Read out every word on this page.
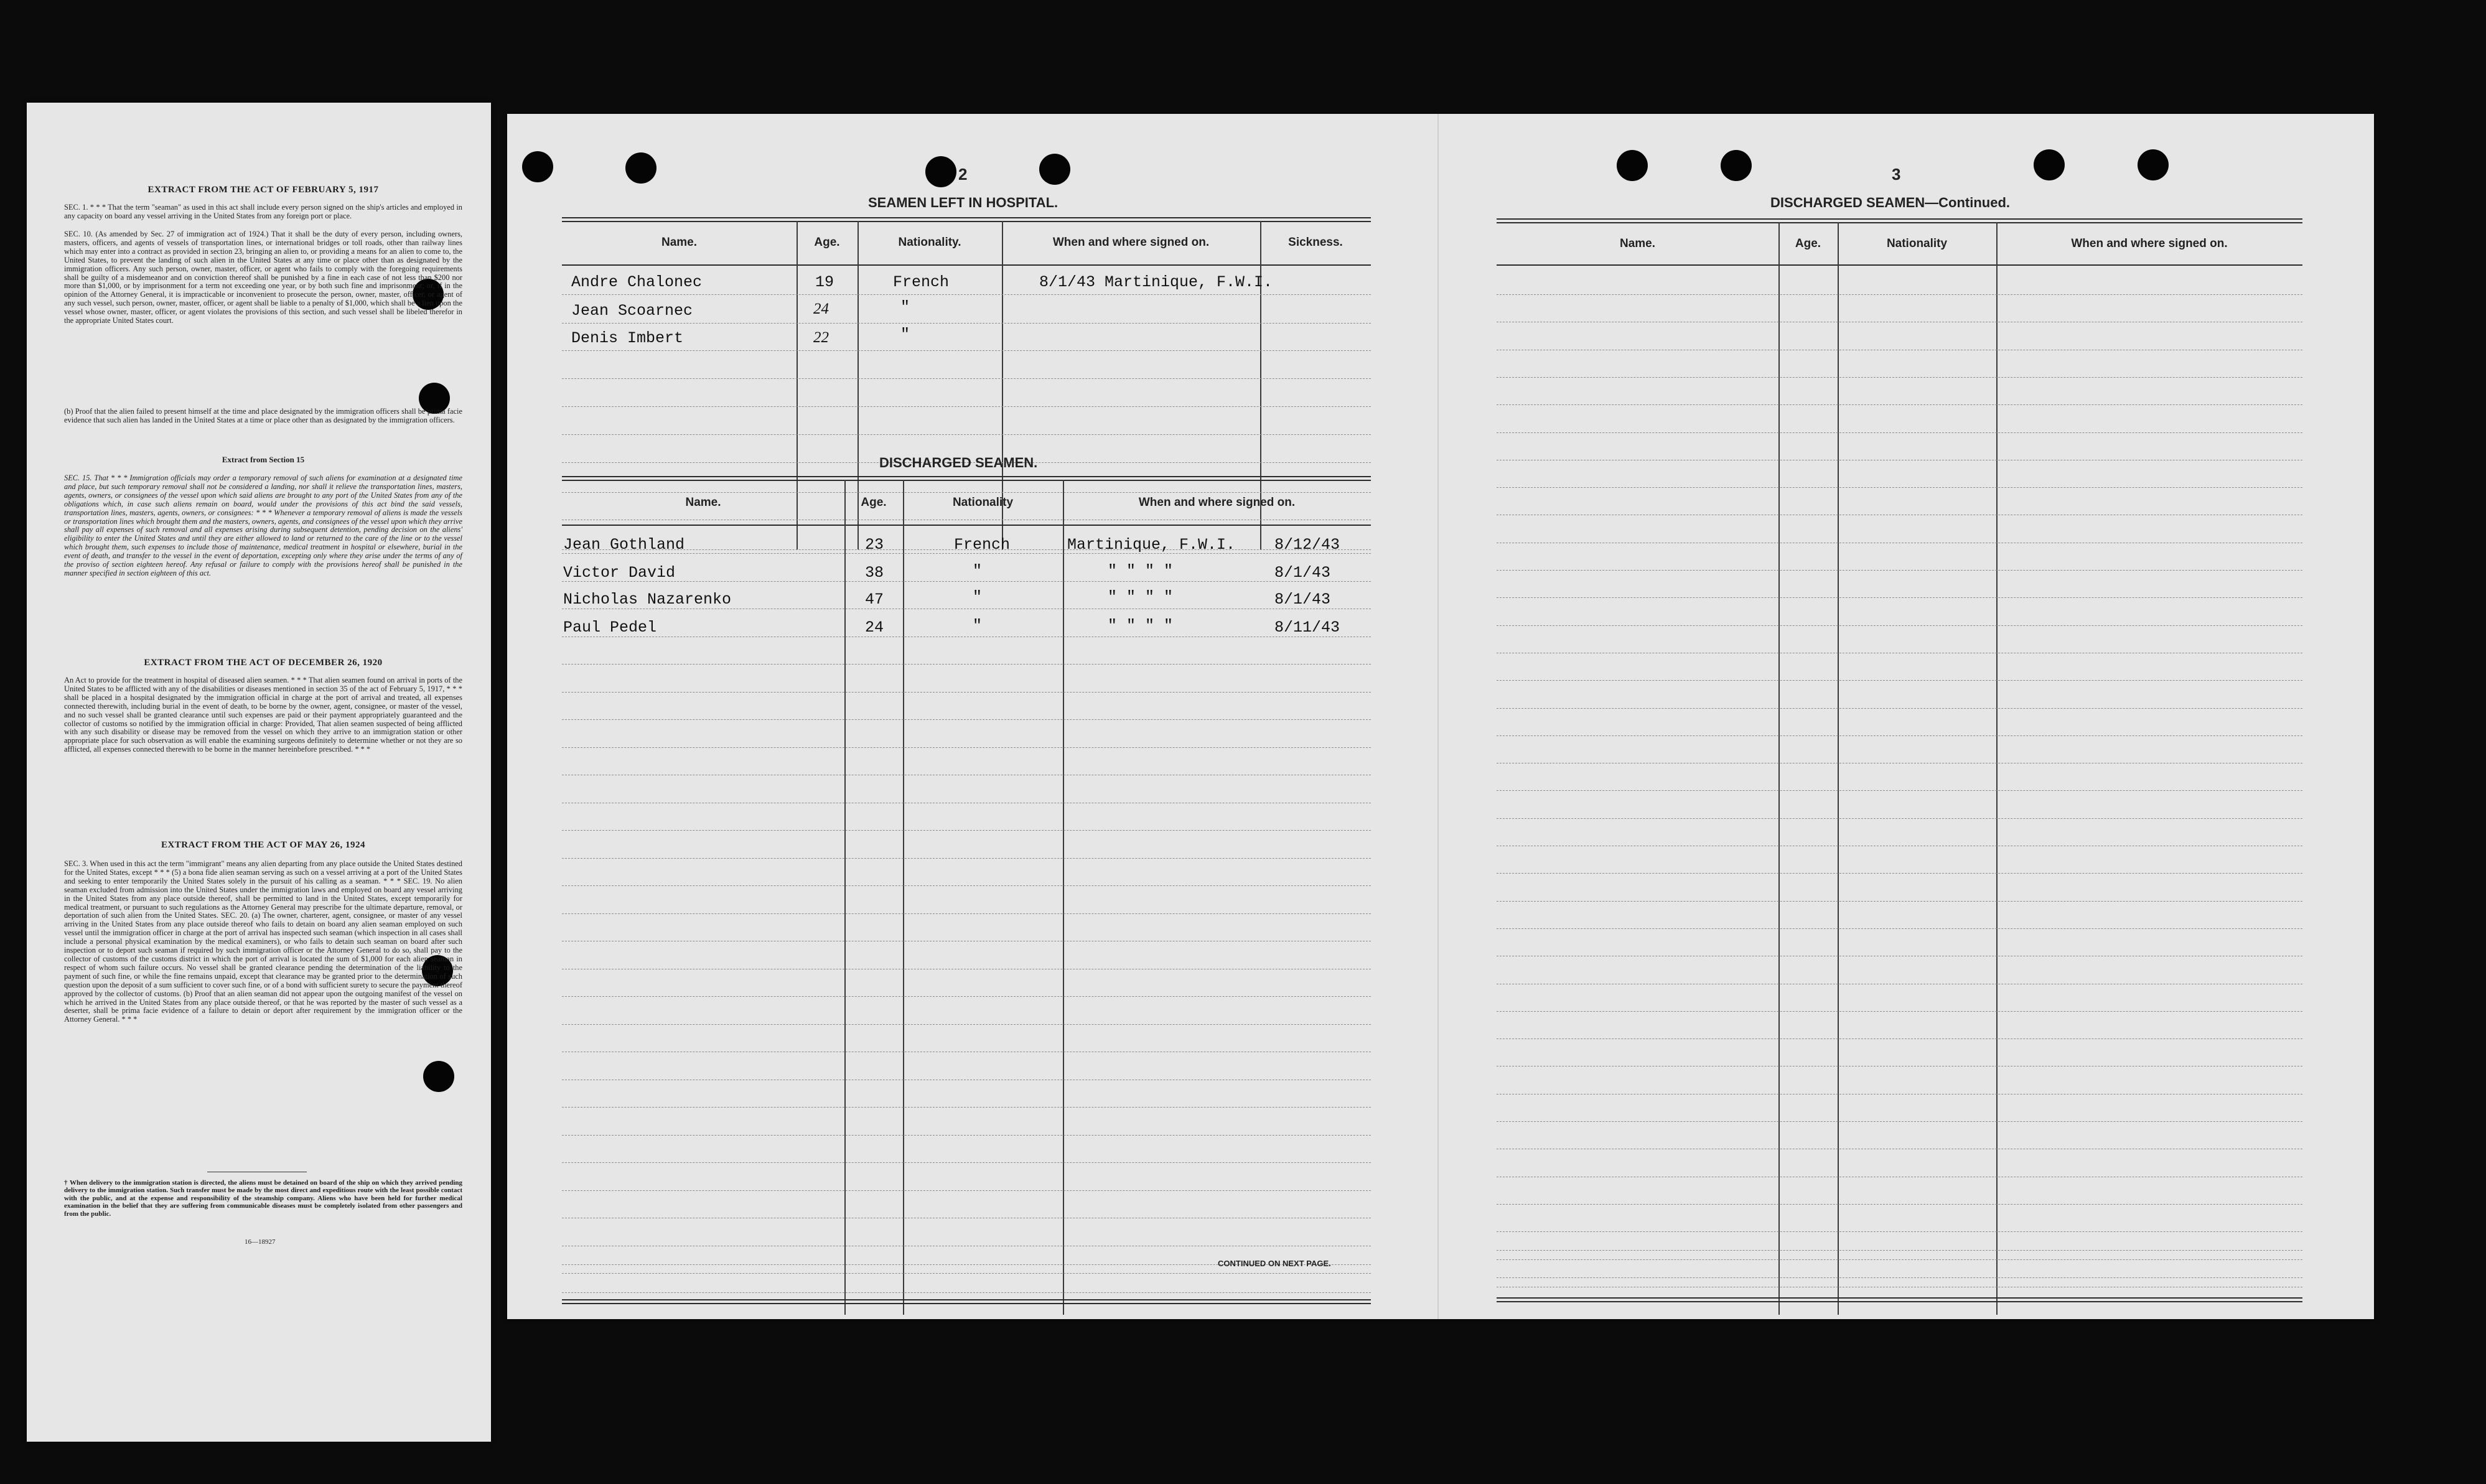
EXTRACT FROM THE ACT OF FEBRUARY 5, 1917
SEC. 1. * * * That the term "seaman" as used in this act shall include every person signed on the ship's articles and employed in any capacity on board any vessel arriving in the United States from any foreign port or place.
SEC. 10. (As amended by Sec. 27 of immigration act of 1924.) That it shall be the duty of every person, including owners, masters, officers, and agents of vessels of transportation lines, or international bridges or toll roads, other than railway lines which may enter into a contract as provided in section 23, bringing an alien to, or providing a means for an alien to come to, the United States, to prevent the landing of such alien in the United States at any time or place other than as designated by the immigration officers. Any such person, owner, master, officer, or agent who fails to comply with the foregoing requirements shall be guilty of a misdemeanor and on conviction thereof shall be punished by a fine in each case of not less than $200 nor more than $1,000, or by imprisonment for a term not exceeding one year, or by both such fine and imprisonment; or, if in the opinion of the Attorney General, it is impracticable or inconvenient to prosecute the person, owner, master, officer, or agent of any such vessel, such person, owner, master, officer, or agent shall be liable to a penalty of $1,000, which shall be a lien upon the vessel whose owner, master, officer, or agent violates the provisions of this section, and such vessel shall be libeled therefor in the appropriate United States court.
(b) Proof that the alien failed to present himself at the time and place designated by the immigration officers shall be prima facie evidence that such alien has landed in the United States at a time or place other than as designated by the immigration officers.
Extract from Section 15
SEC. 15. That * * * Immigration officials may order a temporary removal of such aliens for examination at a designated time and place, but such temporary removal shall not be considered a landing, nor shall it relieve the transportation lines, masters, agents, owners, or consignees of the vessel upon which said aliens are brought to any port of the United States from any of the obligations which, in case such aliens remain on board, would under the provisions of this act bind the said vessels, transportation lines, masters, agents, owners, or consignees: * * * Whenever a temporary removal of aliens is made the vessels or transportation lines which brought them and the masters, owners, agents, and consignees of the vessel upon which they arrive shall pay all expenses of such removal and all expenses arising during subsequent detention, pending decision on the aliens' eligibility to enter the United States and until they are either allowed to land or returned to the care of the line or to the vessel which brought them, such expenses to include those of maintenance, medical treatment in hospital or elsewhere, burial in the event of death, and transfer to the vessel in the event of deportation, excepting only where they arise under the terms of any of the proviso of section eighteen hereof. Any refusal or failure to comply with the provisions hereof shall be punished in the manner specified in section eighteen of this act.
EXTRACT FROM THE ACT OF DECEMBER 26, 1920
An Act to provide for the treatment in hospital of diseased alien seamen. * * * That alien seamen found on arrival in ports of the United States to be afflicted with any of the disabilities or diseases mentioned in section 35 of the act of February 5, 1917, * * * shall be placed in a hospital designated by the immigration official in charge at the port of arrival and treated, all expenses connected therewith, including burial in the event of death, to be borne by the owner, agent, consignee, or master of the vessel, and no such vessel shall be granted clearance until such expenses are paid or their payment appropriately guaranteed and the collector of customs so notified by the immigration official in charge: Provided, That alien seamen suspected of being afflicted with any such disability or disease may be removed from the vessel on which they arrive to an immigration station or other appropriate place for such observation as will enable the examining surgeons definitely to determine whether or not they are so afflicted, all expenses connected therewith to be borne in the manner hereinbefore prescribed. * * *
EXTRACT FROM THE ACT OF MAY 26, 1924
SEC. 3. When used in this act the term "immigrant" means any alien departing from any place outside the United States destined for the United States, except * * * (5) a bona fide alien seaman serving as such on a vessel arriving at a port of the United States and seeking to enter temporarily the United States solely in the pursuit of his calling as a seaman. * * * SEC. 19. No alien seaman excluded from admission into the United States under the immigration laws and employed on board any vessel arriving in the United States from any place outside thereof, shall be permitted to land in the United States, except temporarily for medical treatment, or pursuant to such regulations as the Attorney General may prescribe for the ultimate departure, removal, or deportation of such alien from the United States. SEC. 20. (a) The owner, charterer, agent, consignee, or master of any vessel arriving in the United States from any place outside thereof who fails to detain on board any alien seaman employed on such vessel until the immigration officer in charge at the port of arrival has inspected such seaman (which inspection in all cases shall include a personal physical examination by the medical examiners), or who fails to detain such seaman on board after such inspection or to deport such seaman if required by such immigration officer or the Attorney General to do so, shall pay to the collector of customs of the customs district in which the port of arrival is located the sum of $1,000 for each alien seaman in respect of whom such failure occurs. No vessel shall be granted clearance pending the determination of the liability to the payment of such fine, or while the fine remains unpaid, except that clearance may be granted prior to the determination of such question upon the deposit of a sum sufficient to cover such fine, or of a bond with sufficient surety to secure the payment thereof approved by the collector of customs. (b) Proof that an alien seaman did not appear upon the outgoing manifest of the vessel on which he arrived in the United States from any place outside thereof, or that he was reported by the master of such vessel as a deserter, shall be prima facie evidence of a failure to detain or deport after requirement by the immigration officer or the Attorney General. * * *
† When delivery to the immigration station is directed, the aliens must be detained on board of the ship on which they arrived pending delivery to the immigration station. Such transfer must be made by the most direct and expeditious route with the least possible contact with the public, and at the expense and responsibility of the steamship company. Aliens who have been held for further medical examination in the belief that they are suffering from communicable diseases must be completely isolated from other passengers and from the public.
16—18927
2
SEAMEN LEFT IN HOSPITAL.
Name.	Age.	Nationality.	When and where signed on.	Sickness.
Andre Chalonec	19	French	8/1/43 Martinique, F.W.I.
Jean Scoarnec	24	"
Denis Imbert	22	"
DISCHARGED SEAMEN.
Name.	Age.	Nationality	When and where signed on.
Jean Gothland	23	French	Martinique, F.W.I.	8/12/43
Victor David	38	"	" " " "	8/1/43
Nicholas Nazarenko	47	"	" " " "	8/1/43
Paul Pedel	24	"	" " " "	8/11/43
CONTINUED ON NEXT PAGE.
3
DISCHARGED SEAMEN—Continued.
Name.	Age.	Nationality	When and where signed on.
